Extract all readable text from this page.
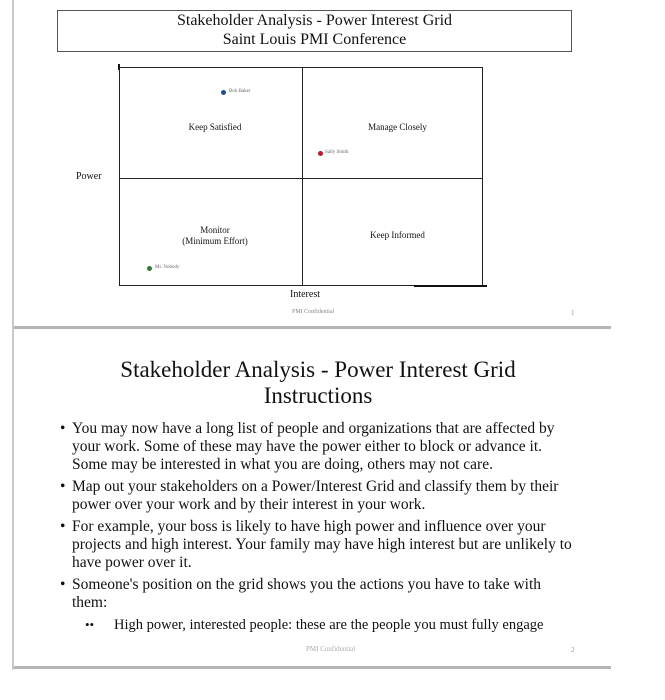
Stakeholder Analysis - Power Interest Grid
Saint Louis PMI Conference
Power
Keep Satisfied	Manage Closely
Monitor
(Minimum Effort)
Keep Informed
Bob Baker
Sally Smith
Mr. Nobody
Interest
PMI Confidential	1
Stakeholder Analysis - Power Interest Grid
Instructions
• You may now have a long list of people and organizations that are affected by your work. Some of these may have the power either to block or advance it. Some may be interested in what you are doing, others may not care.
• Map out your stakeholders on a Power/Interest Grid and classify them by their power over your work and by their interest in your work.
• For example, your boss is likely to have high power and influence over your projects and high interest. Your family may have high interest but are unlikely to have power over it.
• Someone's position on the grid shows you the actions you have to take with them:
•• High power, interested people: these are the people you must fully engage
PMI Confidential	2
